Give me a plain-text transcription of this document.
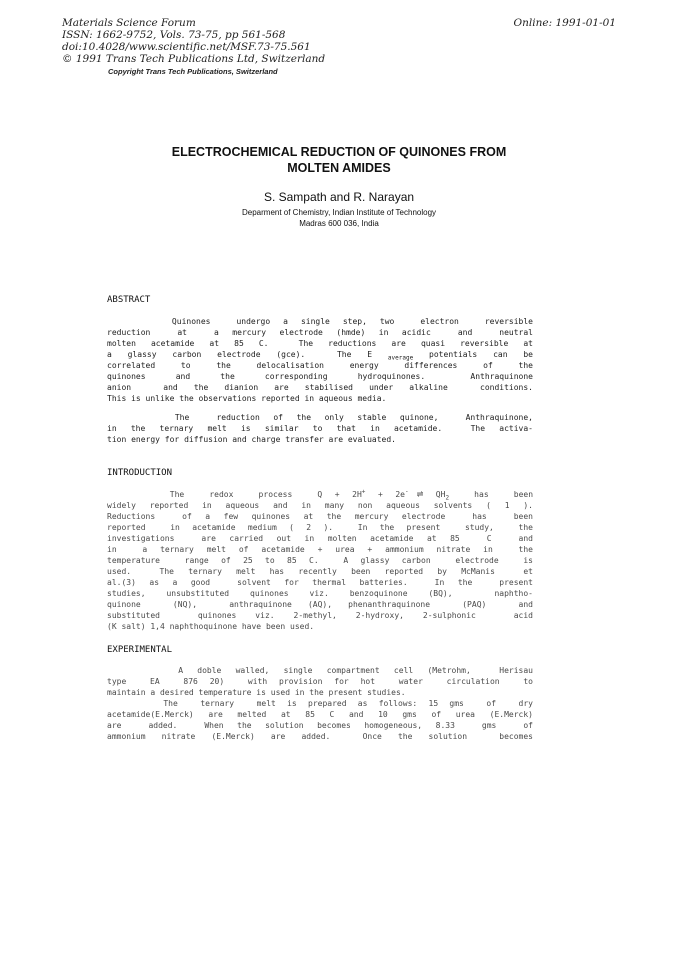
Materials Science Forum
ISSN: 1662-9752, Vols. 73-75, pp 561-568
doi:10.4028/www.scientific.net/MSF.73-75.561
© 1991 Trans Tech Publications Ltd, Switzerland
Online: 1991-01-01
Copyright Trans Tech Publications, Switzerland
ELECTROCHEMICAL REDUCTION OF QUINONES FROM
MOLTEN AMIDES
S. Sampath and R. Narayan
Deparment of Chemistry, Indian Institute of Technology
Madras 600 036, India
ABSTRACT
Quinones  undergo a single step, two  electron  reversible
reduction  at  a mercury electrode (hmde) in acidic  and  neutral
molten acetamide at 85 C.  The reductions are quasi reversible at
a glassy carbon electrode (gce).  The E $_{average}$ potentials can be
correlated  to  the  delocalisation  energy  differences  of  the
quinones  and  the  corresponding  hydroquinones.   Anthraquinone
anion  and the dianion are stabilised under alkaline  conditions.
This is unlike the observations reported in aqueous media.
The  reduction of the only stable quinone,  Anthraquinone,
in the ternary melt is similar to that in acetamide.  The activa-
tion energy for diffusion and charge transfer are evaluated.
INTRODUCTION
The  redox  process  Q + 2H+ + 2e- ⇌ $QH_2$  has  been
widely reported in aqueous and in many non aqueous solvents ( 1 ).
Reductions  of a few quinones at the mercury electrode  has  been
reported  in acetamide medium ( 2 ).  In the present  study,  the
investigations  are carried out in molten acetamide at 85  C  and
in  a ternary melt of acetamide + urea + ammonium nitrate in  the
temperature  range of 25 to 85 C.  A glassy carbon  electrode  is
used.  The ternary melt has recently been reported by McManis  et
al.(3) as a good  solvent for thermal batteries.  In the  present
studies, unsubstituted quinones viz. benzoquinone (BQ),  naphtho-
quinone  (NQ),  anthraquinone (AQ), phenanthraquinone  (PAQ)  and
substituted  quinones viz. 2-methyl, 2-hydroxy, 2-sulphonic  acid
(K salt) 1,4 naphthoquinone have been used.
EXPERIMENTAL
A doble walled, single compartment cell (Metrohm,  Herisau
type  EA  876 20)  with provision for hot  water  circulation  to
maintain a desired temperature is used in the present studies.
The  ternary  melt is prepared as follows: 15 gms  of  dry
acetamide(E.Merck) are melted at 85 C and 10 gms of urea (E.Merck)
are  added.  When the solution becomes homogeneous, 8.33  gms  of
ammonium nitrate (E.Merck) are added.  Once the solution  becomes
